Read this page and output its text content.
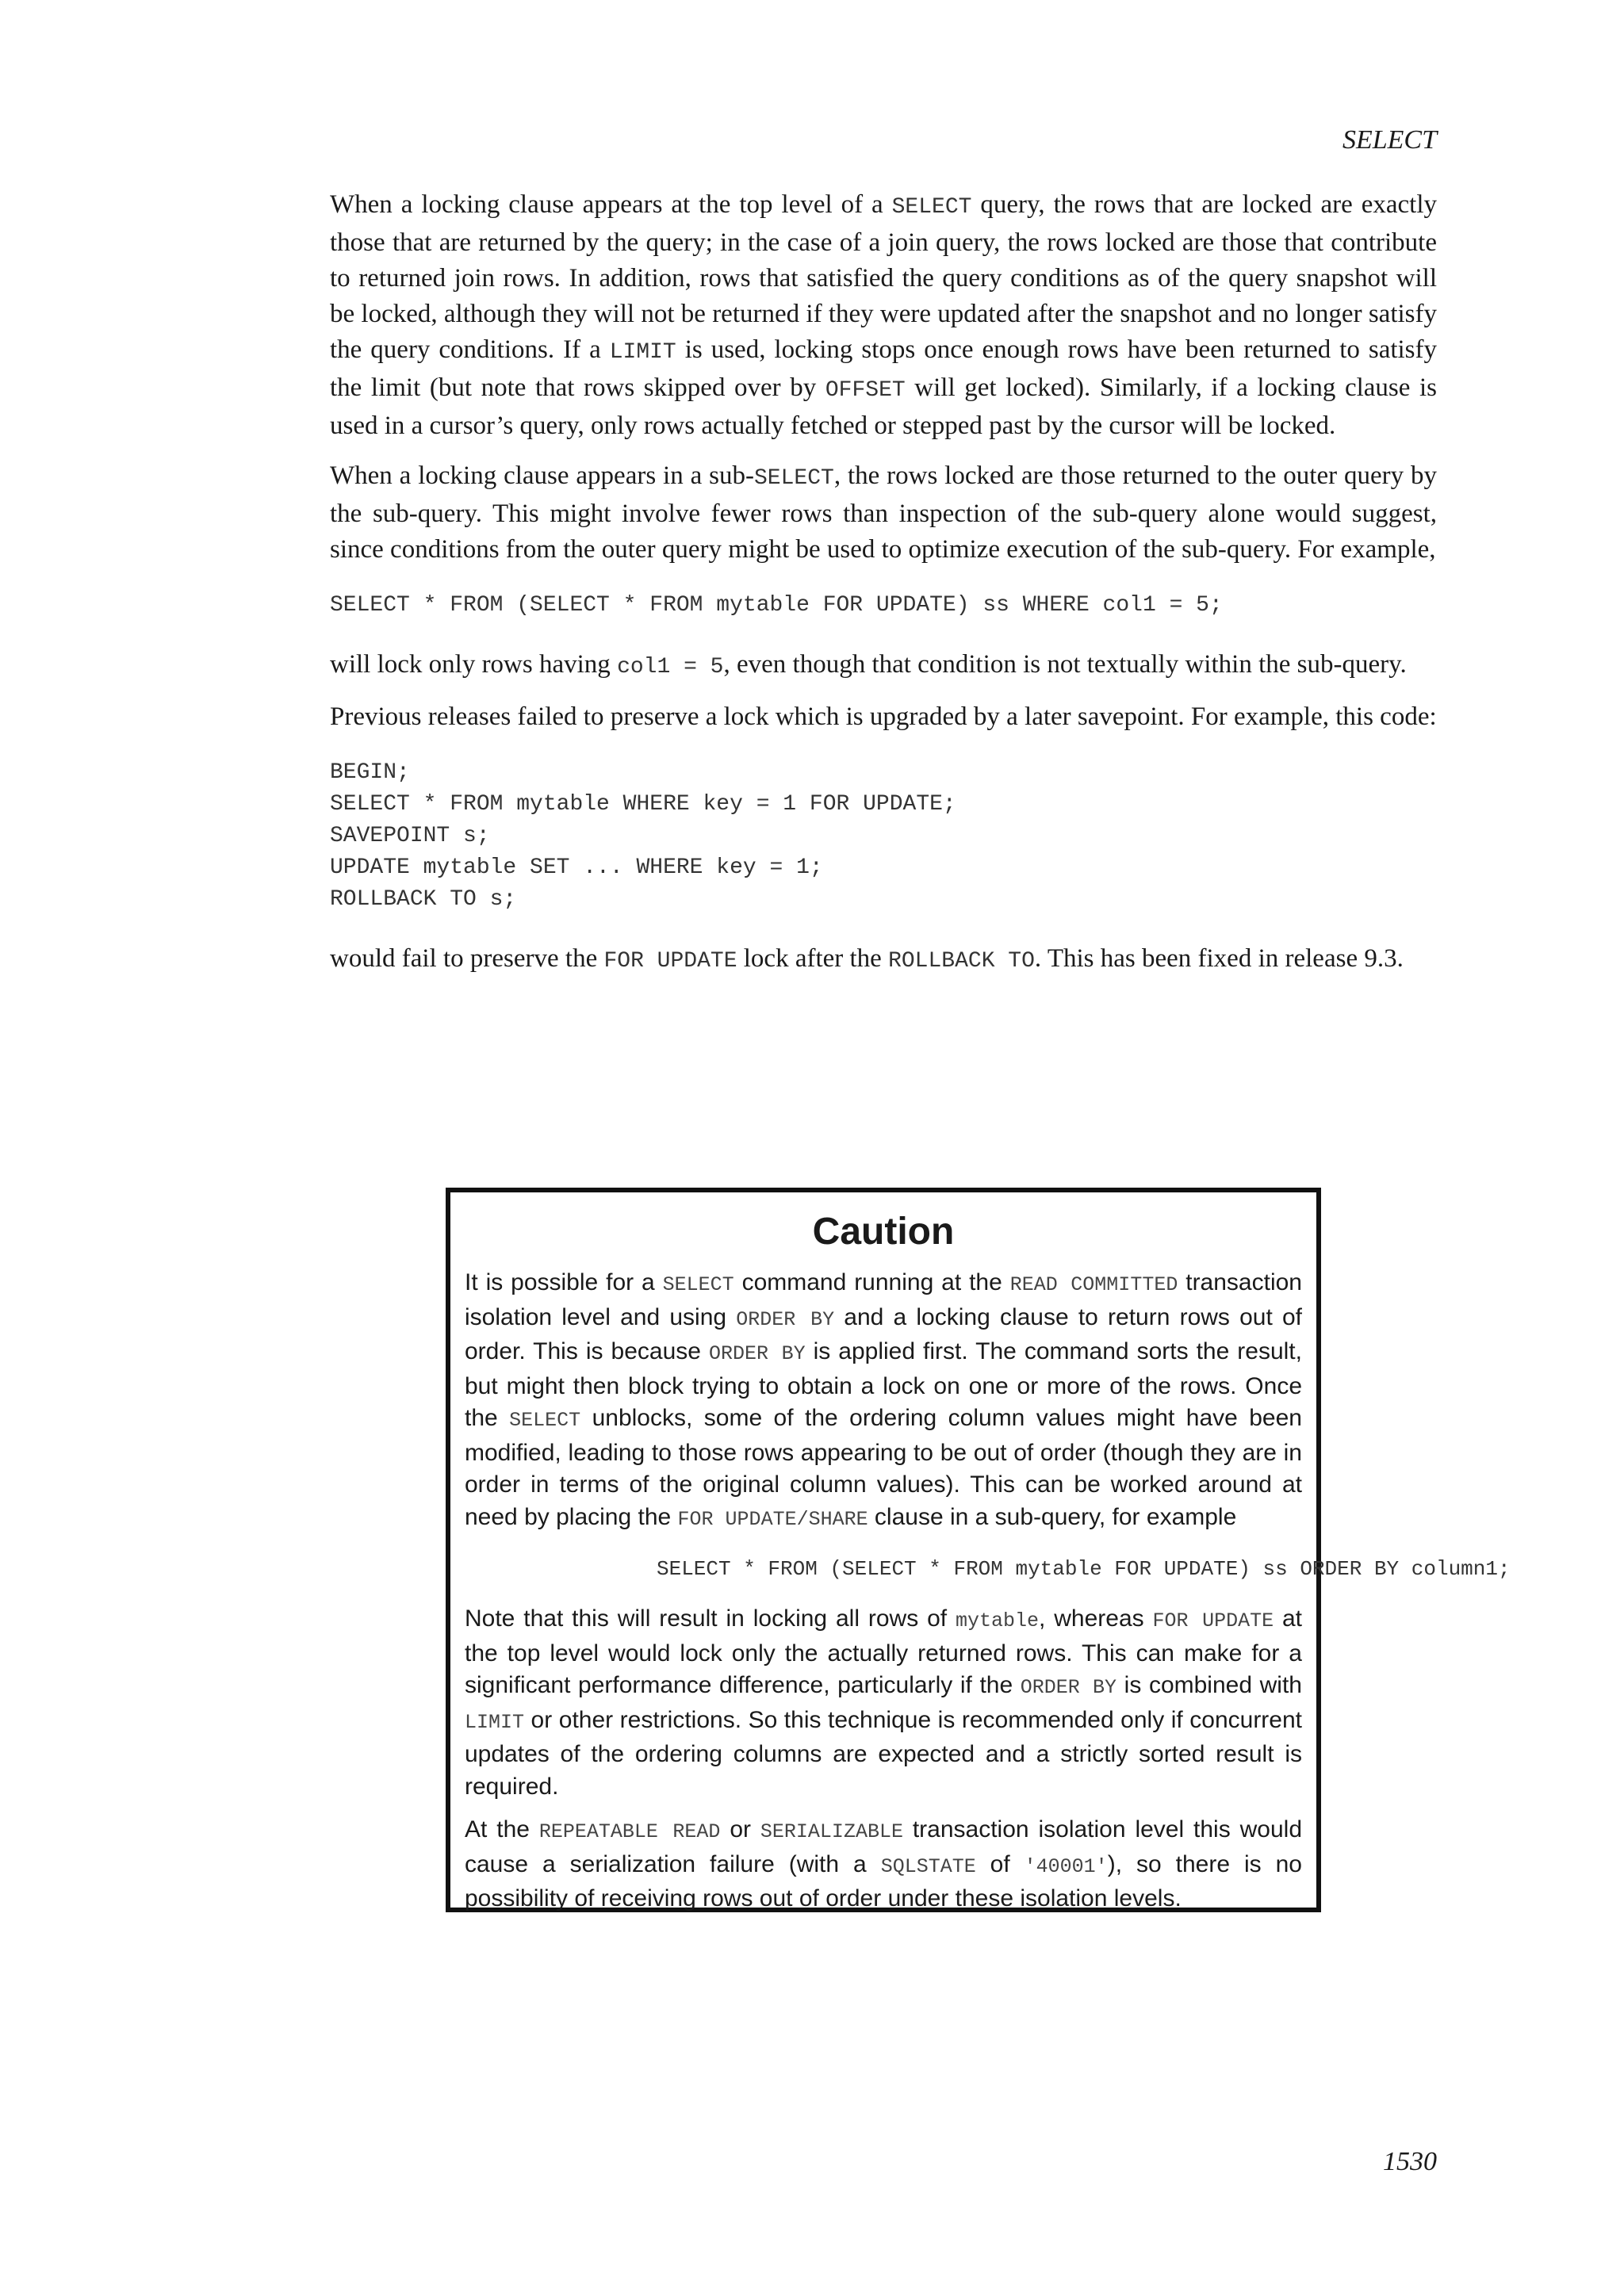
SELECT

When a locking clause appears at the top level of a SELECT query, the rows that are locked are exactly those that are returned by the query; in the case of a join query, the rows locked are those that contribute to returned join rows. In addition, rows that satisfied the query conditions as of the query snapshot will be locked, although they will not be returned if they were updated after the snapshot and no longer satisfy the query conditions. If a LIMIT is used, locking stops once enough rows have been returned to satisfy the limit (but note that rows skipped over by OFFSET will get locked). Similarly, if a locking clause is used in a cursor’s query, only rows actually fetched or stepped past by the cursor will be locked.

When a locking clause appears in a sub-SELECT, the rows locked are those returned to the outer query by the sub-query. This might involve fewer rows than inspection of the sub-query alone would suggest, since conditions from the outer query might be used to optimize execution of the sub-query. For example,

SELECT * FROM (SELECT * FROM mytable FOR UPDATE) ss WHERE col1 = 5;

will lock only rows having col1 = 5, even though that condition is not textually within the sub-query.

Previous releases failed to preserve a lock which is upgraded by a later savepoint. For example, this code:

BEGIN;
SELECT * FROM mytable WHERE key = 1 FOR UPDATE;
SAVEPOINT s;
UPDATE mytable SET ... WHERE key = 1;
ROLLBACK TO s;

would fail to preserve the FOR UPDATE lock after the ROLLBACK TO. This has been fixed in release 9.3.

Caution

It is possible for a SELECT command running at the READ COMMITTED transaction isolation level and using ORDER BY and a locking clause to return rows out of order. This is because ORDER BY is applied first. The command sorts the result, but might then block trying to obtain a lock on one or more of the rows. Once the SELECT unblocks, some of the ordering column values might have been modified, leading to those rows appearing to be out of order (though they are in order in terms of the original column values). This can be worked around at need by placing the FOR UPDATE/SHARE clause in a sub-query, for example

SELECT * FROM (SELECT * FROM mytable FOR UPDATE) ss ORDER BY column1;

Note that this will result in locking all rows of mytable, whereas FOR UPDATE at the top level would lock only the actually returned rows. This can make for a significant performance difference, particularly if the ORDER BY is combined with LIMIT or other restrictions. So this technique is recommended only if concurrent updates of the ordering columns are expected and a strictly sorted result is required.

At the REPEATABLE READ or SERIALIZABLE transaction isolation level this would cause a serialization failure (with a SQLSTATE of '40001'), so there is no possibility of receiving rows out of order under these isolation levels.

1530
